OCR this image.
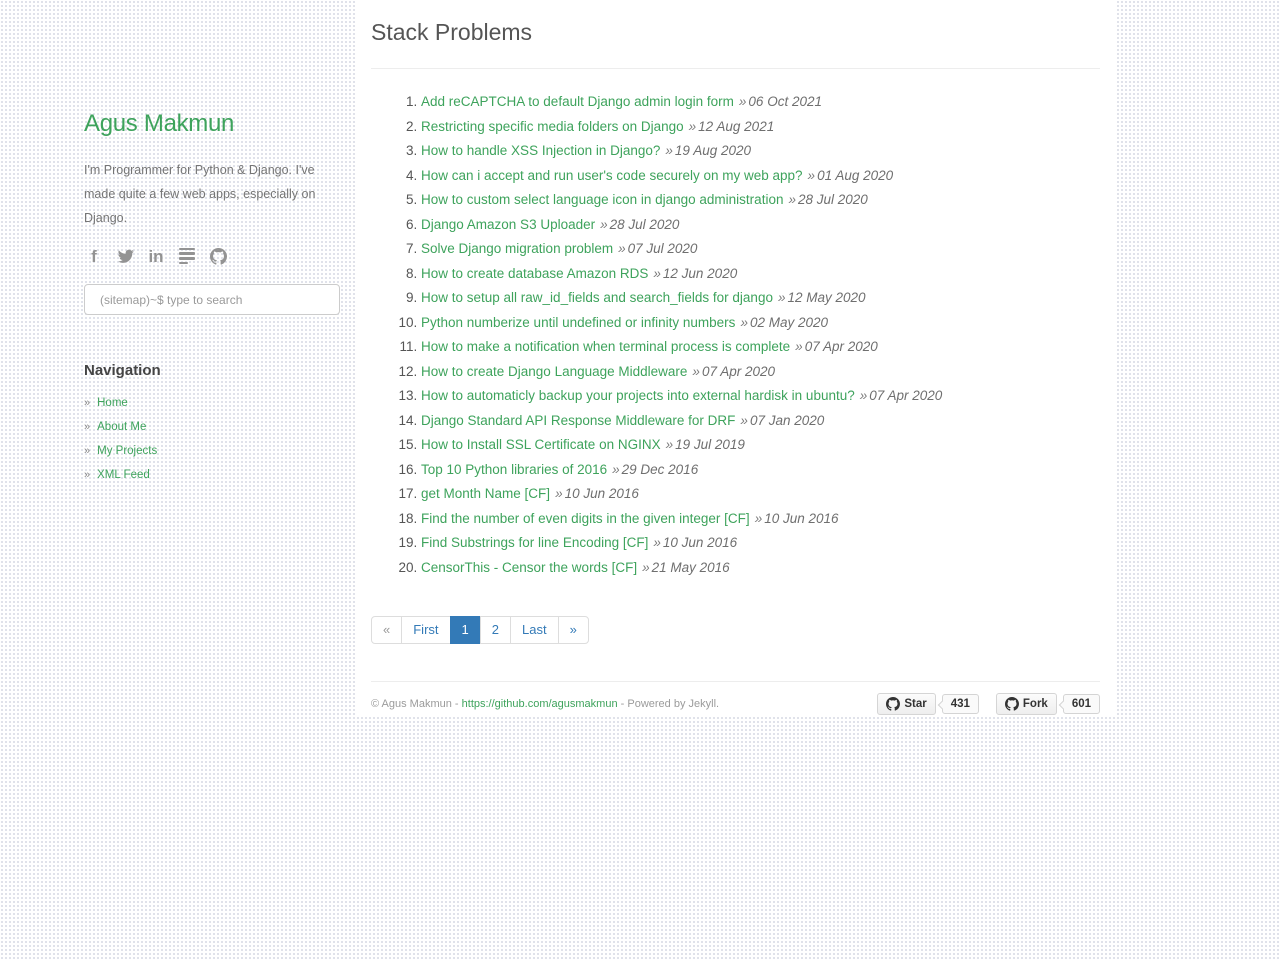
Agus Makmun

I'm Programmer for Python & Django. I've made quite a few web apps, especially on Django.

f	in
(sitemap)~$ type to search
Navigation
» Home
» About Me
» My Projects
» XML Feed
Stack Problems
1. Add reCAPTCHA to default Django admin login form » 06 Oct 2021
2. Restricting specific media folders on Django » 12 Aug 2021
3. How to handle XSS Injection in Django? » 19 Aug 2020
4. How can i accept and run user's code securely on my web app? » 01 Aug 2020
5. How to custom select language icon in django administration » 28 Jul 2020
6. Django Amazon S3 Uploader » 28 Jul 2020
7. Solve Django migration problem » 07 Jul 2020
8. How to create database Amazon RDS » 12 Jun 2020
9. How to setup all raw_id_fields and search_fields for django » 12 May 2020
10. Python numberize until undefined or infinity numbers » 02 May 2020
11. How to make a notification when terminal process is complete » 07 Apr 2020
12. How to create Django Language Middleware » 07 Apr 2020
13. How to automaticly backup your projects into external hardisk in ubuntu? » 07 Apr 2020
14. Django Standard API Response Middleware for DRF » 07 Jan 2020
15. How to Install SSL Certificate on NGINX » 19 Jul 2019
16. Top 10 Python libraries of 2016 » 29 Dec 2016
17. get Month Name [CF] » 10 Jun 2016
18. Find the number of even digits in the given integer [CF] » 10 Jun 2016
19. Find Substrings for line Encoding [CF] » 10 Jun 2016
20. CensorThis - Censor the words [CF] » 21 May 2016
«	First	1	2	Last	»
© Agus Makmun - https://github.com/agusmakmun - Powered by Jekyll.	Star	431	Fork	601
